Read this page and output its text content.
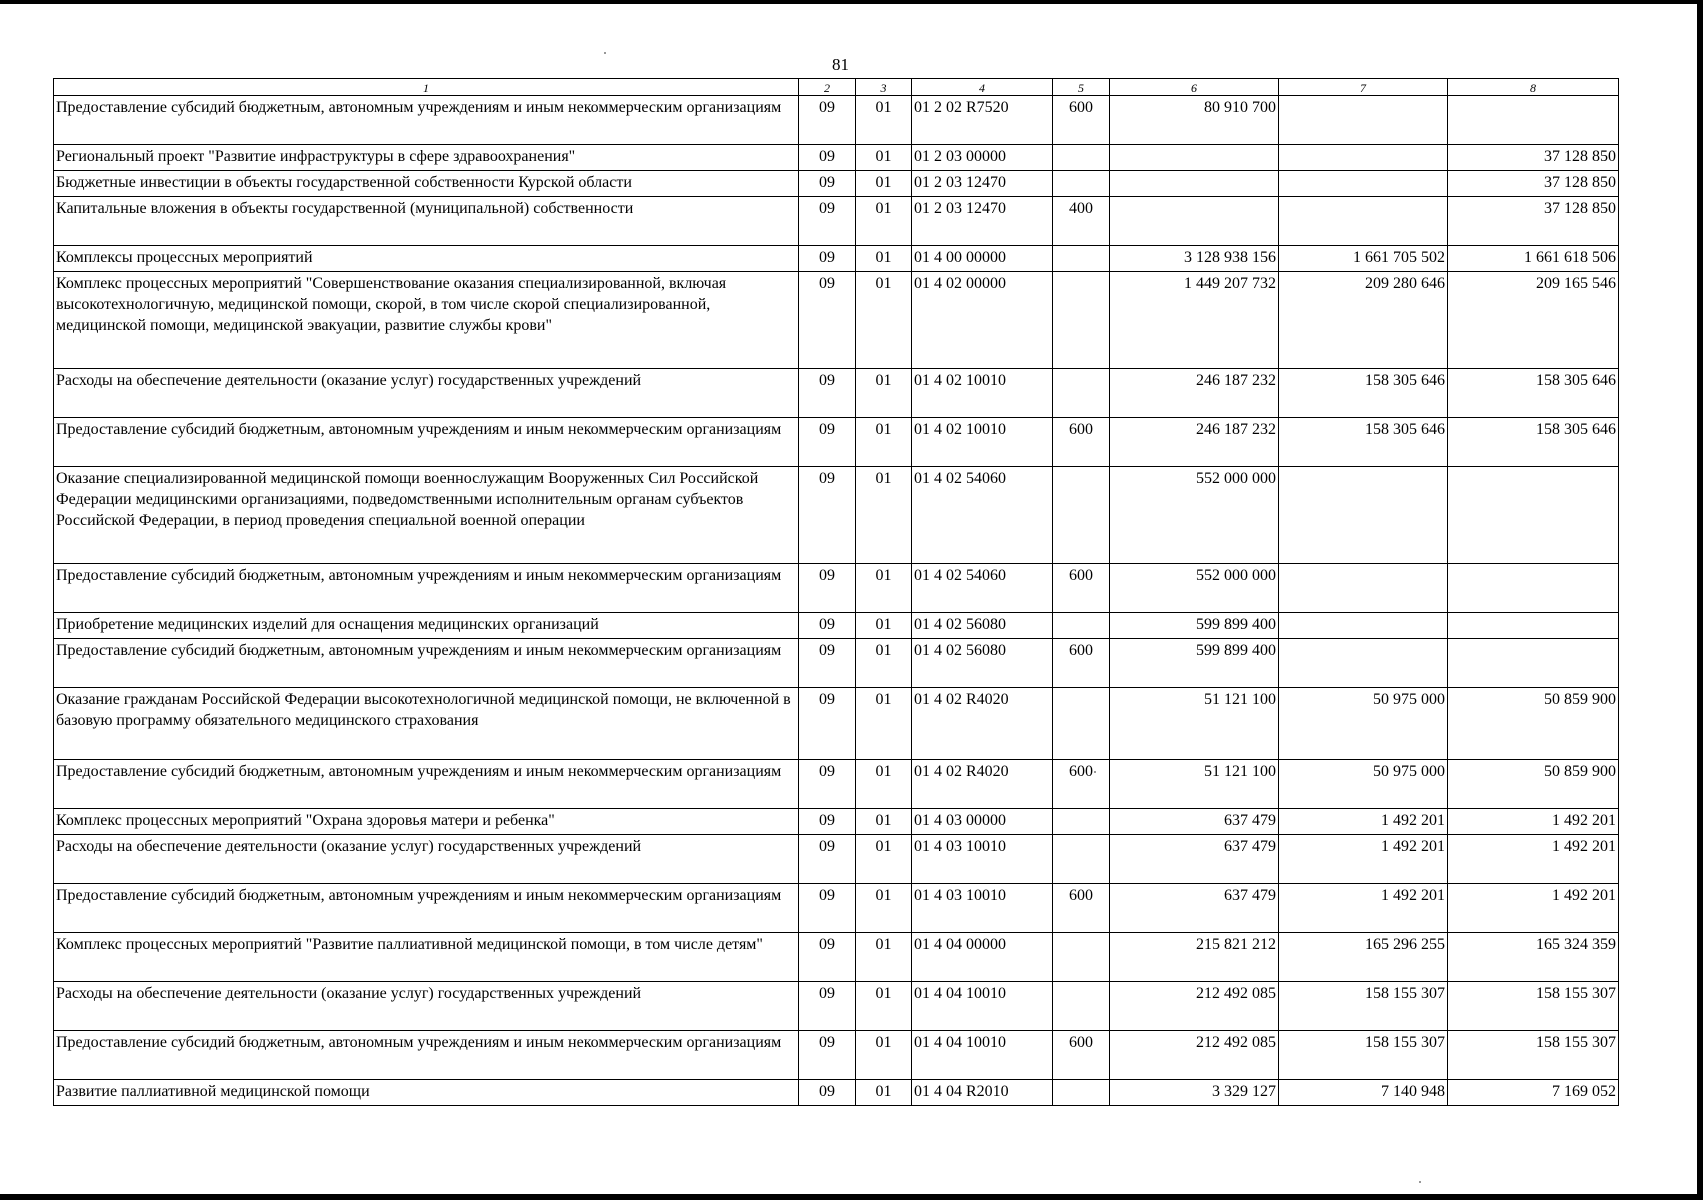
81
1	2	3	4	5	6	7	8
Предоставление субсидий бюджетным, автономным учреждениям и иным некоммерческим организациям	09	01	01 2 02 R7520	600	80 910 700		
Региональный проект "Развитие инфраструктуры в сфере здравоохранения"	09	01	01 2 03 00000				37 128 850
Бюджетные инвестиции в объекты государственной собственности Курской области	09	01	01 2 03 12470				37 128 850
Капитальные вложения в объекты государственной (муниципальной) собственности	09	01	01 2 03 12470	400			37 128 850
Комплексы процессных мероприятий	09	01	01 4 00 00000		3 128 938 156	1 661 705 502	1 661 618 506
Комплекс процессных мероприятий "Совершенствование оказания специализированной, включая высокотехнологичную, медицинской помощи, скорой, в том числе скорой специализированной, медицинской помощи, медицинской эвакуации, развитие службы крови"	09	01	01 4 02 00000		1 449 207 732	209 280 646	209 165 546
Расходы на обеспечение деятельности (оказание услуг) государственных учреждений	09	01	01 4 02 10010		246 187 232	158 305 646	158 305 646
Предоставление субсидий бюджетным, автономным учреждениям и иным некоммерческим организациям	09	01	01 4 02 10010	600	246 187 232	158 305 646	158 305 646
Оказание специализированной медицинской помощи военнослужащим Вооруженных Сил Российской Федерации медицинскими организациями, подведомственными исполнительным органам субъектов Российской Федерации, в период проведения специальной военной операции	09	01	01 4 02 54060		552 000 000		
Предоставление субсидий бюджетным, автономным учреждениям и иным некоммерческим организациям	09	01	01 4 02 54060	600	552 000 000		
Приобретение медицинских изделий для оснащения медицинских организаций	09	01	01 4 02 56080		599 899 400		
Предоставление субсидий бюджетным, автономным учреждениям и иным некоммерческим организациям	09	01	01 4 02 56080	600	599 899 400		
Оказание гражданам Российской Федерации высокотехнологичной медицинской помощи, не включенной в базовую программу обязательного медицинского страхования	09	01	01 4 02 R4020		51 121 100	50 975 000	50 859 900
Предоставление субсидий бюджетным, автономным учреждениям и иным некоммерческим организациям	09	01	01 4 02 R4020	600	51 121 100	50 975 000	50 859 900
Комплекс процессных мероприятий "Охрана здоровья матери и ребенка"	09	01	01 4 03 00000		637 479	1 492 201	1 492 201
Расходы на обеспечение деятельности (оказание услуг) государственных учреждений	09	01	01 4 03 10010		637 479	1 492 201	1 492 201
Предоставление субсидий бюджетным, автономным учреждениям и иным некоммерческим организациям	09	01	01 4 03 10010	600	637 479	1 492 201	1 492 201
Комплекс процессных мероприятий "Развитие паллиативной медицинской помощи, в том числе детям"	09	01	01 4 04 00000		215 821 212	165 296 255	165 324 359
Расходы на обеспечение деятельности (оказание услуг) государственных учреждений	09	01	01 4 04 10010		212 492 085	158 155 307	158 155 307
Предоставление субсидий бюджетным, автономным учреждениям и иным некоммерческим организациям	09	01	01 4 04 10010	600	212 492 085	158 155 307	158 155 307
Развитие паллиативной медицинской помощи	09	01	01 4 04 R2010		3 329 127	7 140 948	7 169 052
